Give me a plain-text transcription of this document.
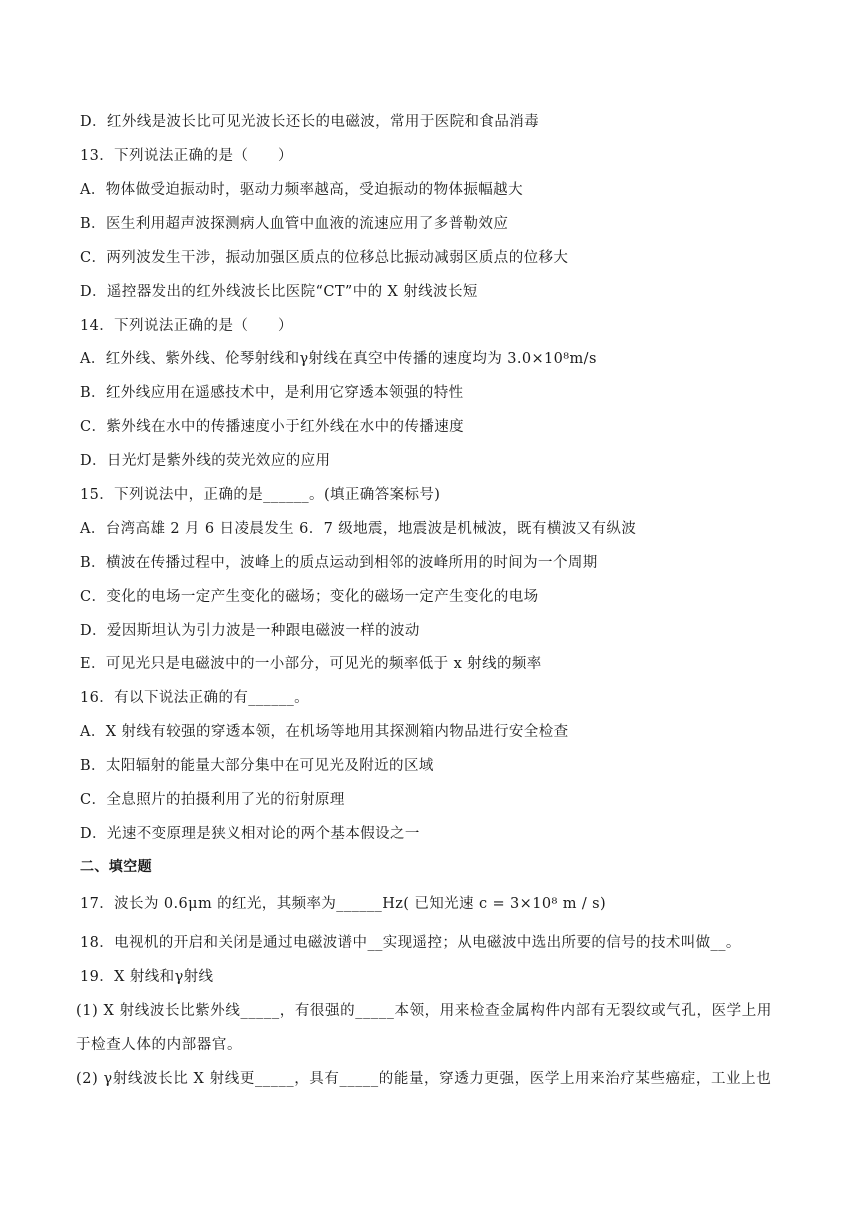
D．红外线是波长比可见光波长还长的电磁波，常用于医院和食品消毒
13．下列说法正确的是（　　）
A．物体做受迫振动时，驱动力频率越高，受迫振动的物体振幅越大
B．医生利用超声波探测病人血管中血液的流速应用了多普勒效应
C．两列波发生干涉，振动加强区质点的位移总比振动减弱区质点的位移大
D．遥控器发出的红外线波长比医院“CT”中的 X 射线波长短
14．下列说法正确的是（　　）
A．红外线、紫外线、伦琴射线和γ射线在真空中传播的速度均为 3.0×10⁸m/s
B．红外线应用在遥感技术中，是利用它穿透本领强的特性
C．紫外线在水中的传播速度小于红外线在水中的传播速度
D．日光灯是紫外线的荧光效应的应用
15．下列说法中，正确的是______。(填正确答案标号)
A．台湾高雄 2 月 6 日凌晨发生 6．7 级地震，地震波是机械波，既有横波又有纵波
B．横波在传播过程中，波峰上的质点运动到相邻的波峰所用的时间为一个周期
C．变化的电场一定产生变化的磁场；变化的磁场一定产生变化的电场
D．爱因斯坦认为引力波是一种跟电磁波一样的波动
E．可见光只是电磁波中的一小部分，可见光的频率低于 x 射线的频率
16．有以下说法正确的有______。
A．X 射线有较强的穿透本领，在机场等地用其探测箱内物品进行安全检查
B．太阳辐射的能量大部分集中在可见光及附近的区域
C．全息照片的拍摄利用了光的衍射原理
D．光速不变原理是狭义相对论的两个基本假设之一
二、填空题
17．波长为 0.6μm 的红光，其频率为______Hz( 已知光速 c = 3×10⁸ m / s)
18．电视机的开启和关闭是通过电磁波谱中__实现遥控；从电磁波中选出所要的信号的技术叫做__。
19．X 射线和γ射线
(1) X 射线波长比紫外线_____，有很强的_____本领，用来检查金属构件内部有无裂纹或气孔，医学上用于检查人体的内部器官。
(2) γ射线波长比 X 射线更_____，具有_____的能量，穿透力更强，医学上用来治疗某些癌症，工业上也
